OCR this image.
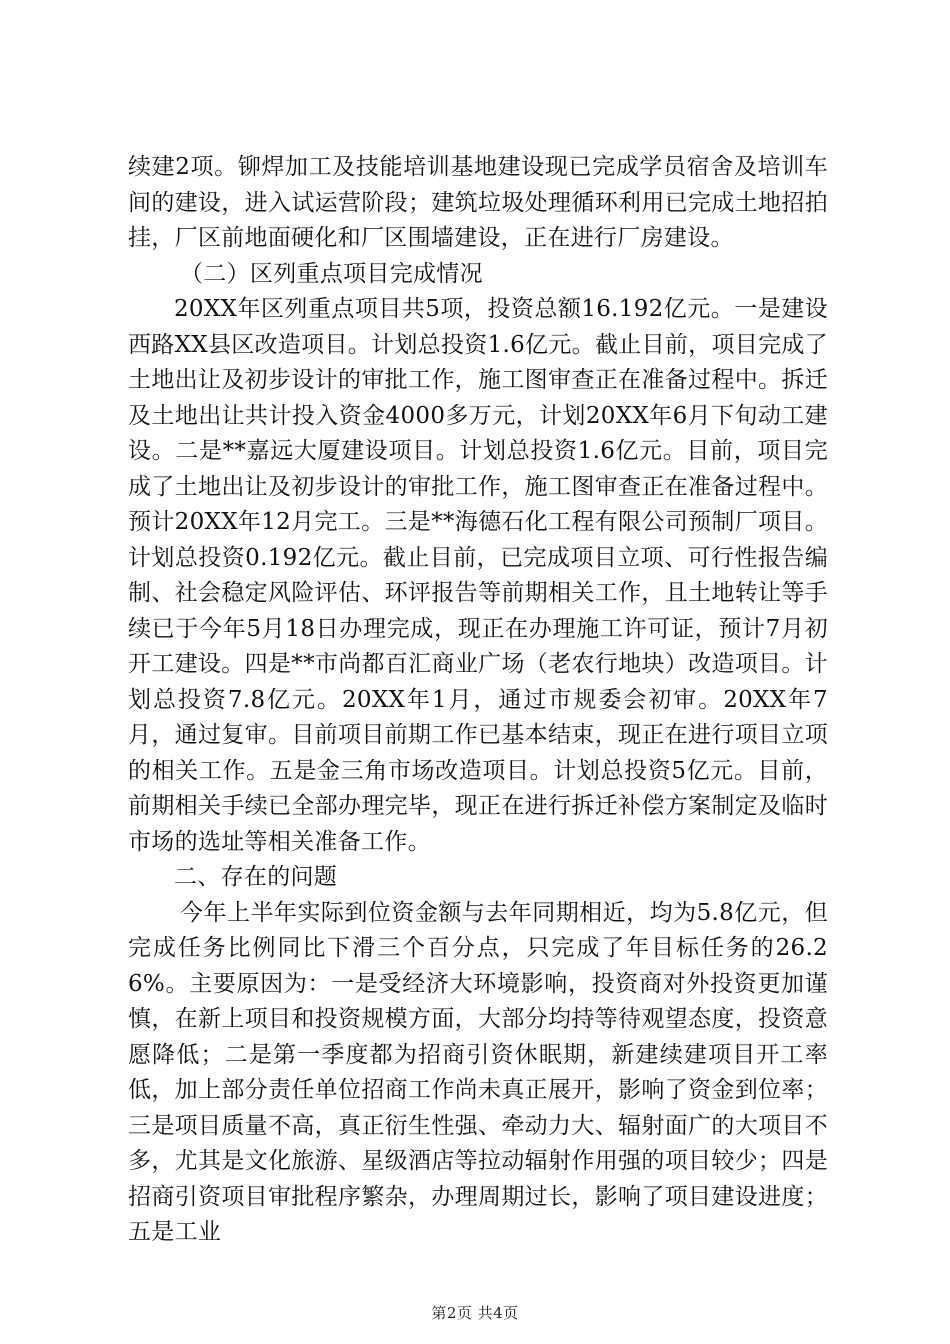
续建2项。铆焊加工及技能培训基地建设现已完成学员宿舍及培训车间的建设，进入试运营阶段；建筑垃圾处理循环利用已完成土地招拍挂，厂区前地面硬化和厂区围墙建设，正在进行厂房建设。

（二）区列重点项目完成情况

20XX年区列重点项目共5项，投资总额16.192亿元。一是建设西路XX县区改造项目。计划总投资1.6亿元。截止目前，项目完成了土地出让及初步设计的审批工作，施工图审查正在准备过程中。拆迁及土地出让共计投入资金4000多万元，计划20XX年6月下旬动工建设。二是**嘉远大厦建设项目。计划总投资1.6亿元。目前，项目完成了土地出让及初步设计的审批工作，施工图审查正在准备过程中。预计20XX年12月完工。三是**海德石化工程有限公司预制厂项目。计划总投资0.192亿元。截止目前，已完成项目立项、可行性报告编制、社会稳定风险评估、环评报告等前期相关工作，且土地转让等手续已于今年5月18日办理完成，现正在办理施工许可证，预计7月初开工建设。四是**市尚都百汇商业广场（老农行地块）改造项目。计划总投资7.8亿元。20XX年1月，通过市规委会初审。20XX年7月，通过复审。目前项目前期工作已基本结束，现正在进行项目立项的相关工作。五是金三角市场改造项目。计划总投资5亿元。目前，前期相关手续已全部办理完毕，现正在进行拆迁补偿方案制定及临时市场的选址等相关准备工作。

二、存在的问题

今年上半年实际到位资金额与去年同期相近，均为5.8亿元，但完成任务比例同比下滑三个百分点，只完成了年目标任务的26.26%。主要原因为：一是受经济大环境影响，投资商对外投资更加谨慎，在新上项目和投资规模方面，大部分均持等待观望态度，投资意愿降低；二是第一季度都为招商引资休眠期，新建续建项目开工率低，加上部分责任单位招商工作尚未真正展开，影响了资金到位率；三是项目质量不高，真正衍生性强、牵动力大、辐射面广的大项目不多，尤其是文化旅游、星级酒店等拉动辐射作用强的项目较少；四是招商引资项目审批程序繁杂，办理周期过长，影响了项目建设进度；五是工业

第2页 共4页
